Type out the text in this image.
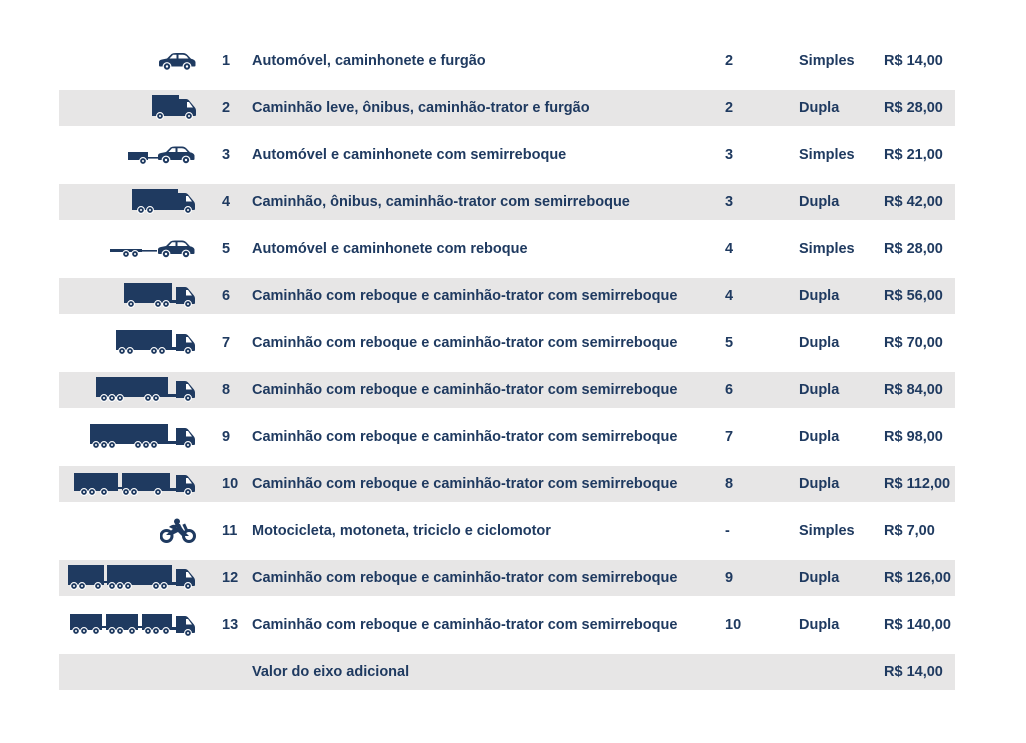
1 Automóvel, caminhonete e furgão	2	Simples R$ 14,00
2 Caminhão leve, ônibus, caminhão-trator e furgão	2	Dupla	R$ 28,00
3 Automóvel e caminhonete com semirreboque	3	Simples R$ 21,00
4 Caminhão, ônibus, caminhão-trator com semirreboque	3	Dupla	R$ 42,00
5 Automóvel e caminhonete com reboque	4	Simples R$ 28,00
6 Caminhão com reboque e caminhão-trator com semirreboque	4	Dupla	R$ 56,00
7 Caminhão com reboque e caminhão-trator com semirreboque	5	Dupla	R$ 70,00
8 Caminhão com reboque e caminhão-trator com semirreboque	6	Dupla	R$ 84,00
9 Caminhão com reboque e caminhão-trator com semirreboque	7	Dupla	R$ 98,00
10 Caminhão com reboque e caminhão-trator com semirreboque	8	Dupla	R$ 112,00
11 Motocicleta, motoneta, triciclo e ciclomotor	-	Simples R$ 7,00
12 Caminhão com reboque e caminhão-trator com semirreboque	9	Dupla	R$ 126,00
13 Caminhão com reboque e caminhão-trator com semirreboque	10	Dupla	R$ 140,00
Valor do eixo adicional	R$ 14,00
